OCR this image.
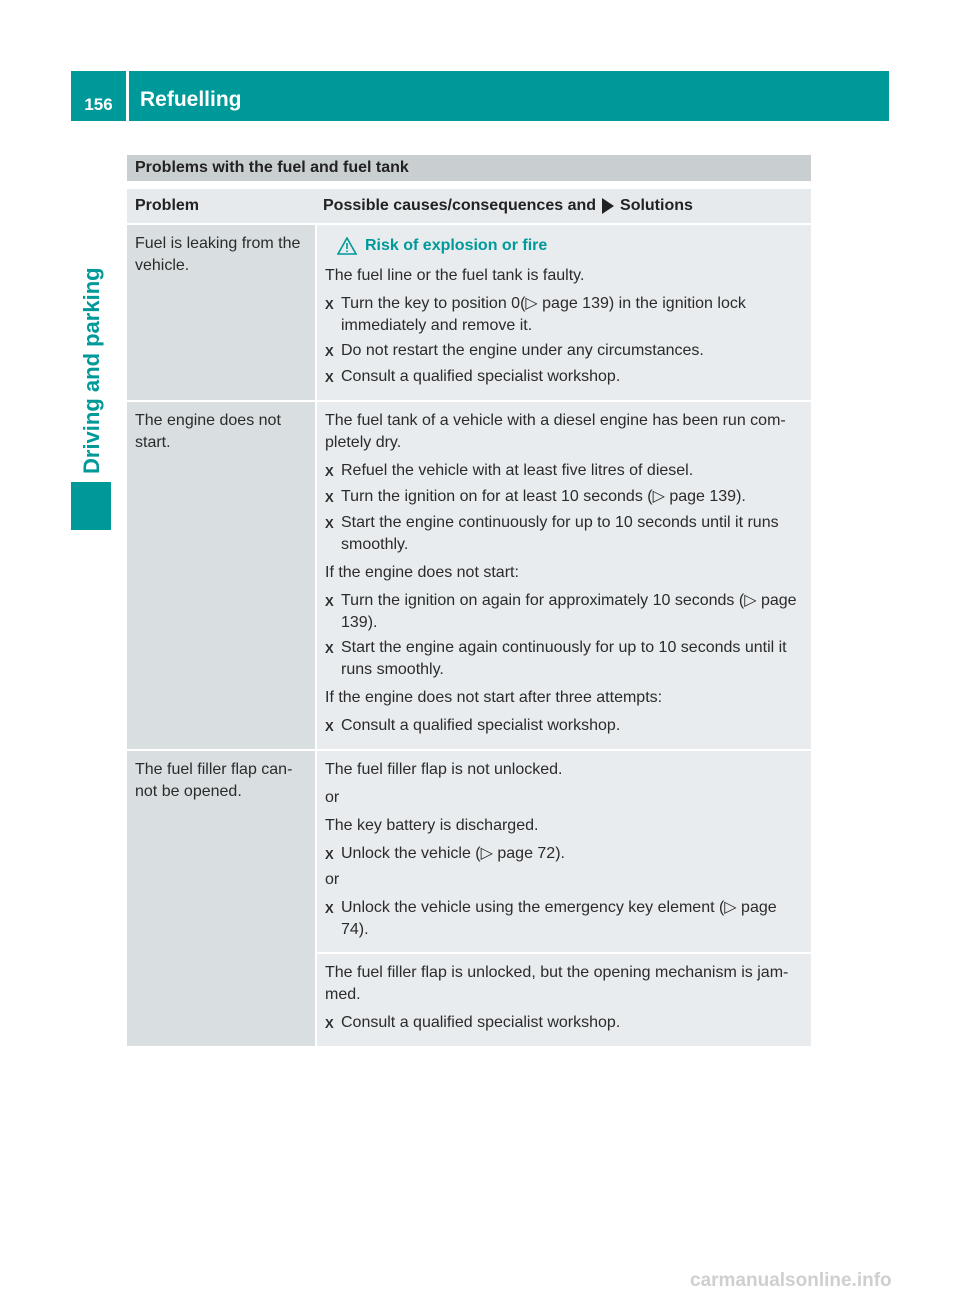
156	Refuelling
Driving and parking
Problems with the fuel and fuel tank
Problem	Possible causes/consequences and Solutions
Fuel is leaking from the vehicle.
Risk of explosion or fire

The fuel line or the fuel tank is faulty.

X Turn the key to position 0(▷ page 139) in the ignition lock immediately and remove it.
X Do not restart the engine under any circumstances.
X Consult a qualified specialist workshop.
The engine does not start.

The fuel tank of a vehicle with a diesel engine has been run com-pletely dry.

X Refuel the vehicle with at least five litres of diesel.
X Turn the ignition on for at least 10 seconds (▷ page 139).
X Start the engine continuously for up to 10 seconds until it runs smoothly.

If the engine does not start:

X Turn the ignition on again for approximately 10 seconds (▷ page 139).
X Start the engine again continuously for up to 10 seconds until it runs smoothly.

If the engine does not start after three attempts:

X Consult a qualified specialist workshop.
The fuel filler flap can-not be opened.

The fuel filler flap is not unlocked.

or

The key battery is discharged.

X Unlock the vehicle (▷ page 72).

or

X Unlock the vehicle using the emergency key element (▷ page 74).

The fuel filler flap is unlocked, but the opening mechanism is jam-med.

X Consult a qualified specialist workshop.
carmanualsonline.info
